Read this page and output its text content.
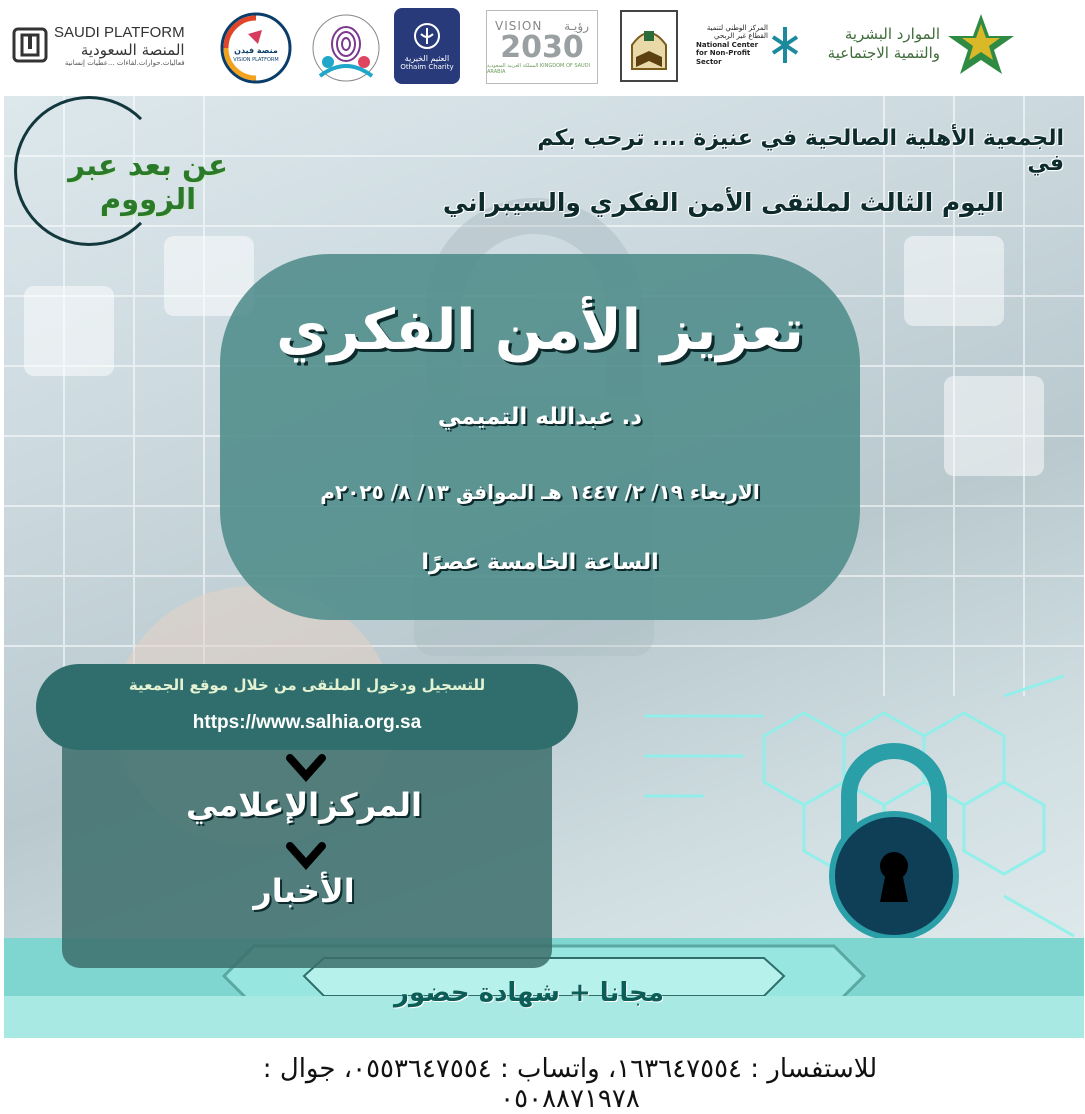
SAUDI PLATFORM
المنصة السعودية
فعاليات.حوارات.لقاءات ...عطيات إنسانية
منصة فيدن
VISION PLATFORM	العثيم الخيرية
Othaim Charity
VISION رؤيـة
2030
المملكة العربية السعودية KINGDOM OF SAUDI ARABIA
المركز الوطني لتنمية القطاع غير الربحي
National Center for Non-Profit Sector
الموارد البشرية والتنمية الاجتماعية
عن بعد عبر الزووم
الجمعية الأهلية الصالحية في عنيزة .... ترحب بكم في
اليوم الثالث لملتقى الأمن الفكري والسيبراني
تعزيز الأمن الفكري
د. عبدالله التميمي
الاربعاء ١٩/ ٢/ ١٤٤٧ هـ الموافق ١٣/ ٨/ ٢٠٢٥م
الساعة الخامسة عصرًا
للتسجيل ودخول الملتقى من خلال موقع الجمعية
https://www.salhia.org.sa
المركزالإعلامي
الأخبار
مجانا + شهادة حضور
للاستفسار : ١٦٣٦٤٧٥٥٤، واتساب : ٠٥٥٣٦٤٧٥٥٤، جوال : ٠٥٠٨٨٧١٩٧٨
